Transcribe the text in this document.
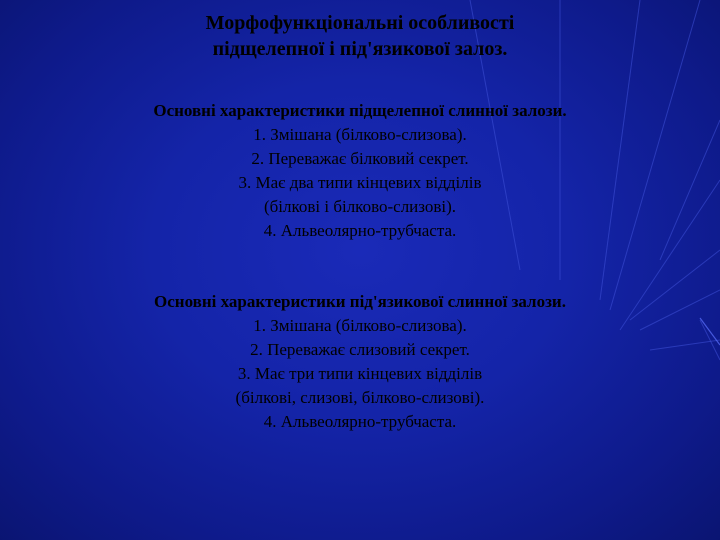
Морфофункціональні особливості
підщелепної і під'язикової залоз.
Основні характеристики підщелепної слинної залози.
1. Змішана (білково-слизова).
2. Переважає білковий секрет.
3. Має два типи кінцевих відділів
(білкові і білково-слизові).
4. Альвеолярно-трубчаста.
Основні характеристики під'язикової слинної залози.
1. Змішана (білково-слизова).
2. Переважає слизовий секрет.
3. Має три типи кінцевих відділів
(білкові, слизові, білково-слизові).
4. Альвеолярно-трубчаста.
